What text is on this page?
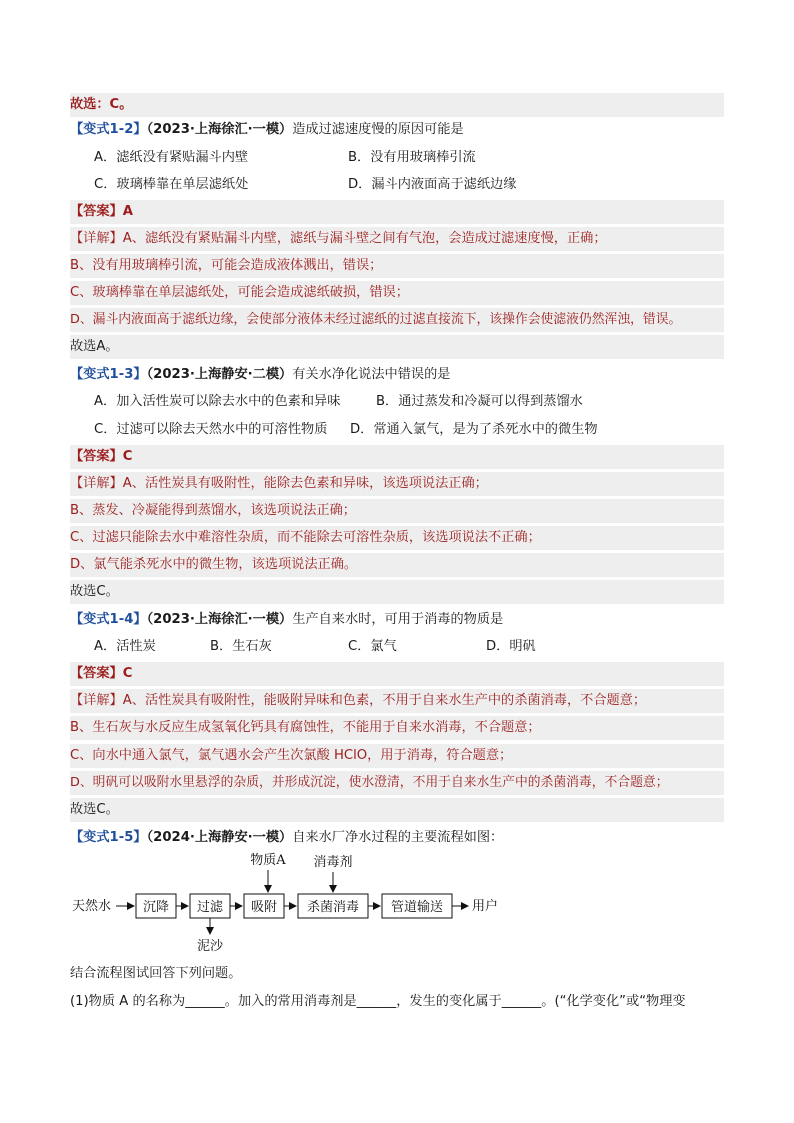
故选：C。
【变式1-2】（2023·上海徐汇·一模）造成过滤速度慢的原因可能是
A．滤纸没有紧贴漏斗内壁	B．没有用玻璃棒引流
C．玻璃棒靠在单层滤纸处	D．漏斗内液面高于滤纸边缘
【答案】A
【详解】A、滤纸没有紧贴漏斗内壁，滤纸与漏斗壁之间有气泡，会造成过滤速度慢，正确；
B、没有用玻璃棒引流，可能会造成液体溅出，错误；
C、玻璃棒靠在单层滤纸处，可能会造成滤纸破损，错误；
D、漏斗内液面高于滤纸边缘，会使部分液体未经过滤纸的过滤直接流下，该操作会使滤液仍然浑浊，错误。
故选A。
【变式1-3】（2023·上海静安·二模）有关水净化说法中错误的是
A．加入活性炭可以除去水中的色素和异味	B．通过蒸发和冷凝可以得到蒸馏水
C．过滤可以除去天然水中的可溶性物质 D．常通入氯气，是为了杀死水中的微生物
【答案】C
【详解】A、活性炭具有吸附性，能除去色素和异味，该选项说法正确；
B、蒸发、冷凝能得到蒸馏水，该选项说法正确；
C、过滤只能除去水中难溶性杂质，而不能除去可溶性杂质，该选项说法不正确；
D、氯气能杀死水中的微生物，该选项说法正确。
故选C。
【变式1-4】（2023·上海徐汇·一模）生产自来水时，可用于消毒的物质是
A．活性炭	B．生石灰	C．氯气	D．明矾
【答案】C
【详解】A、活性炭具有吸附性，能吸附异味和色素，不用于自来水生产中的杀菌消毒，不合题意；
B、生石灰与水反应生成氢氧化钙具有腐蚀性，不能用于自来水消毒，不合题意；
C、向水中通入氯气，氯气遇水会产生次氯酸 HClO，用于消毒，符合题意；
D、明矾可以吸附水里悬浮的杂质，并形成沉淀，使水澄清，不用于自来水生产中的杀菌消毒，不合题意；
故选C。
【变式1-5】（2024·上海静安·一模）自来水厂净水过程的主要流程如图：
天然水 沉降 过滤
泥沙
吸附
物质A
杀菌消毒
消毒剂
管道输送 用户
结合流程图试回答下列问题。
(1)物质 A 的名称为______。加入的常用消毒剂是______，发生的变化属于______。(“化学变化”或“物理变
